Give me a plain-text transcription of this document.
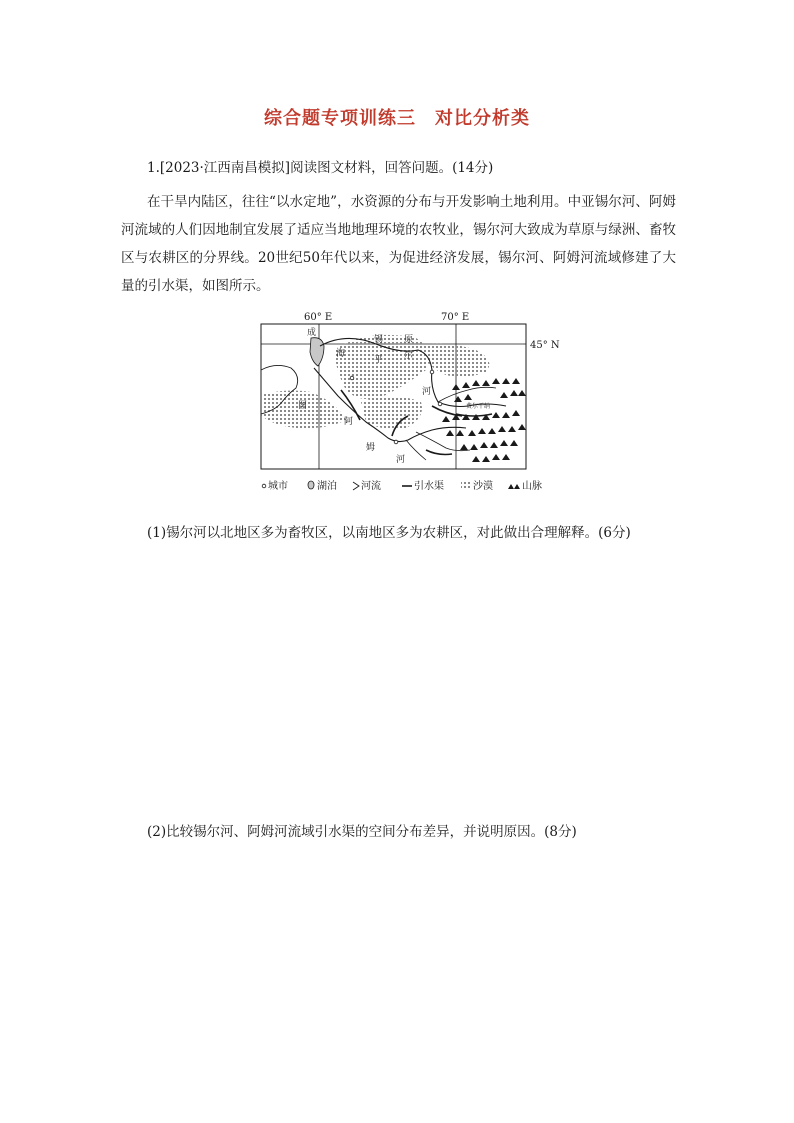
综合题专项训练三　对比分析类
1.[2023·江西南昌模拟]阅读图文材料，回答问题。(14分)
在干旱内陆区，往往“以水定地”，水资源的分布与开发影响土地利用。中亚锡尔河、阿姆河流域的人们因地制宜发展了适应当地地理环境的农牧业，锡尔河大致成为草原与绿洲、畜牧区与农耕区的分界线。20世纪50年代以来，为促进经济发展，锡尔河、阿姆河流域修建了大量的引水渠，如图所示。
60° E	70° E
45° N
成
海
锡 原
平 尔
河
图
阿
姆
河
费尔干纳
城市	湖泊 河流	引水渠	沙漠	山脉
(1)锡尔河以北地区多为畜牧区，以南地区多为农耕区，对此做出合理解释。(6分)
(2)比较锡尔河、阿姆河流域引水渠的空间分布差异，并说明原因。(8分)
